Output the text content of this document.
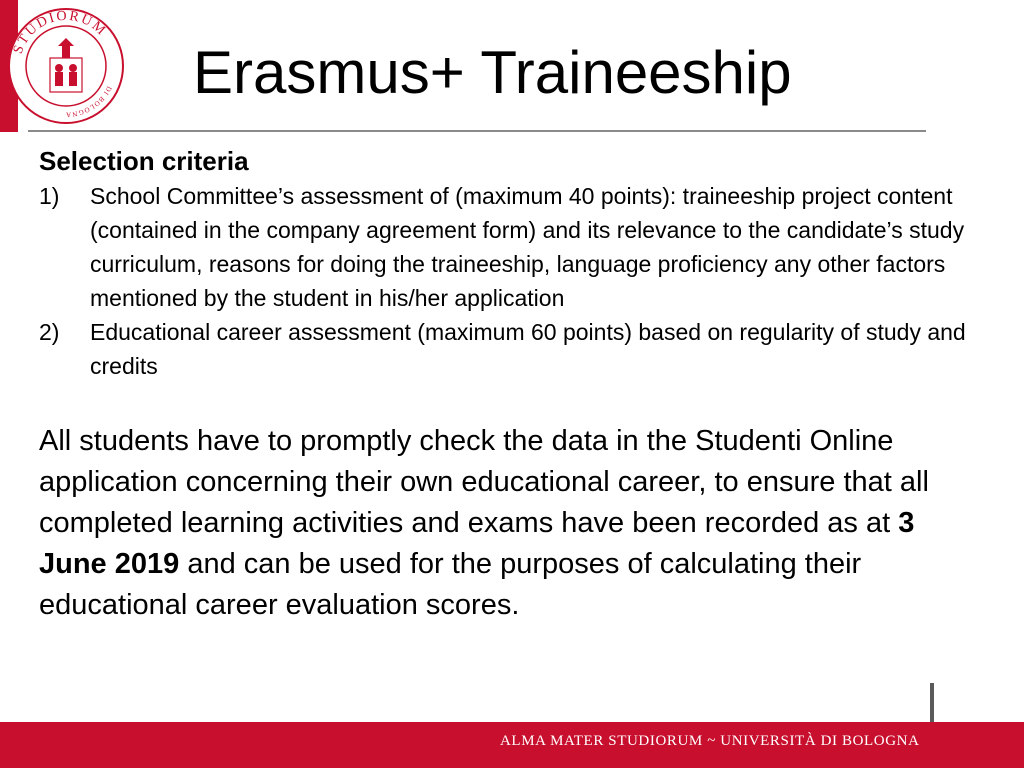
STUDIORUM
DI BOLOGNA
Erasmus+ Traineeship
Selection criteria
1) School Committee’s assessment of (maximum 40 points): traineeship project content (contained in the company agreement form) and its relevance to the candidate’s study curriculum, reasons for doing the traineeship, language proficiency any other factors mentioned by the student in his/her application
2) Educational career assessment (maximum 60 points) based on regularity of study and credits
All students have to promptly check the data in the Studenti Online application concerning their own educational career, to ensure that all completed learning activities and exams have been recorded as at 3 June 2019 and can be used for the purposes of calculating their educational career evaluation scores.
ALMA MATER STUDIORUM ~ UNIVERSITÀ DI BOLOGNA
